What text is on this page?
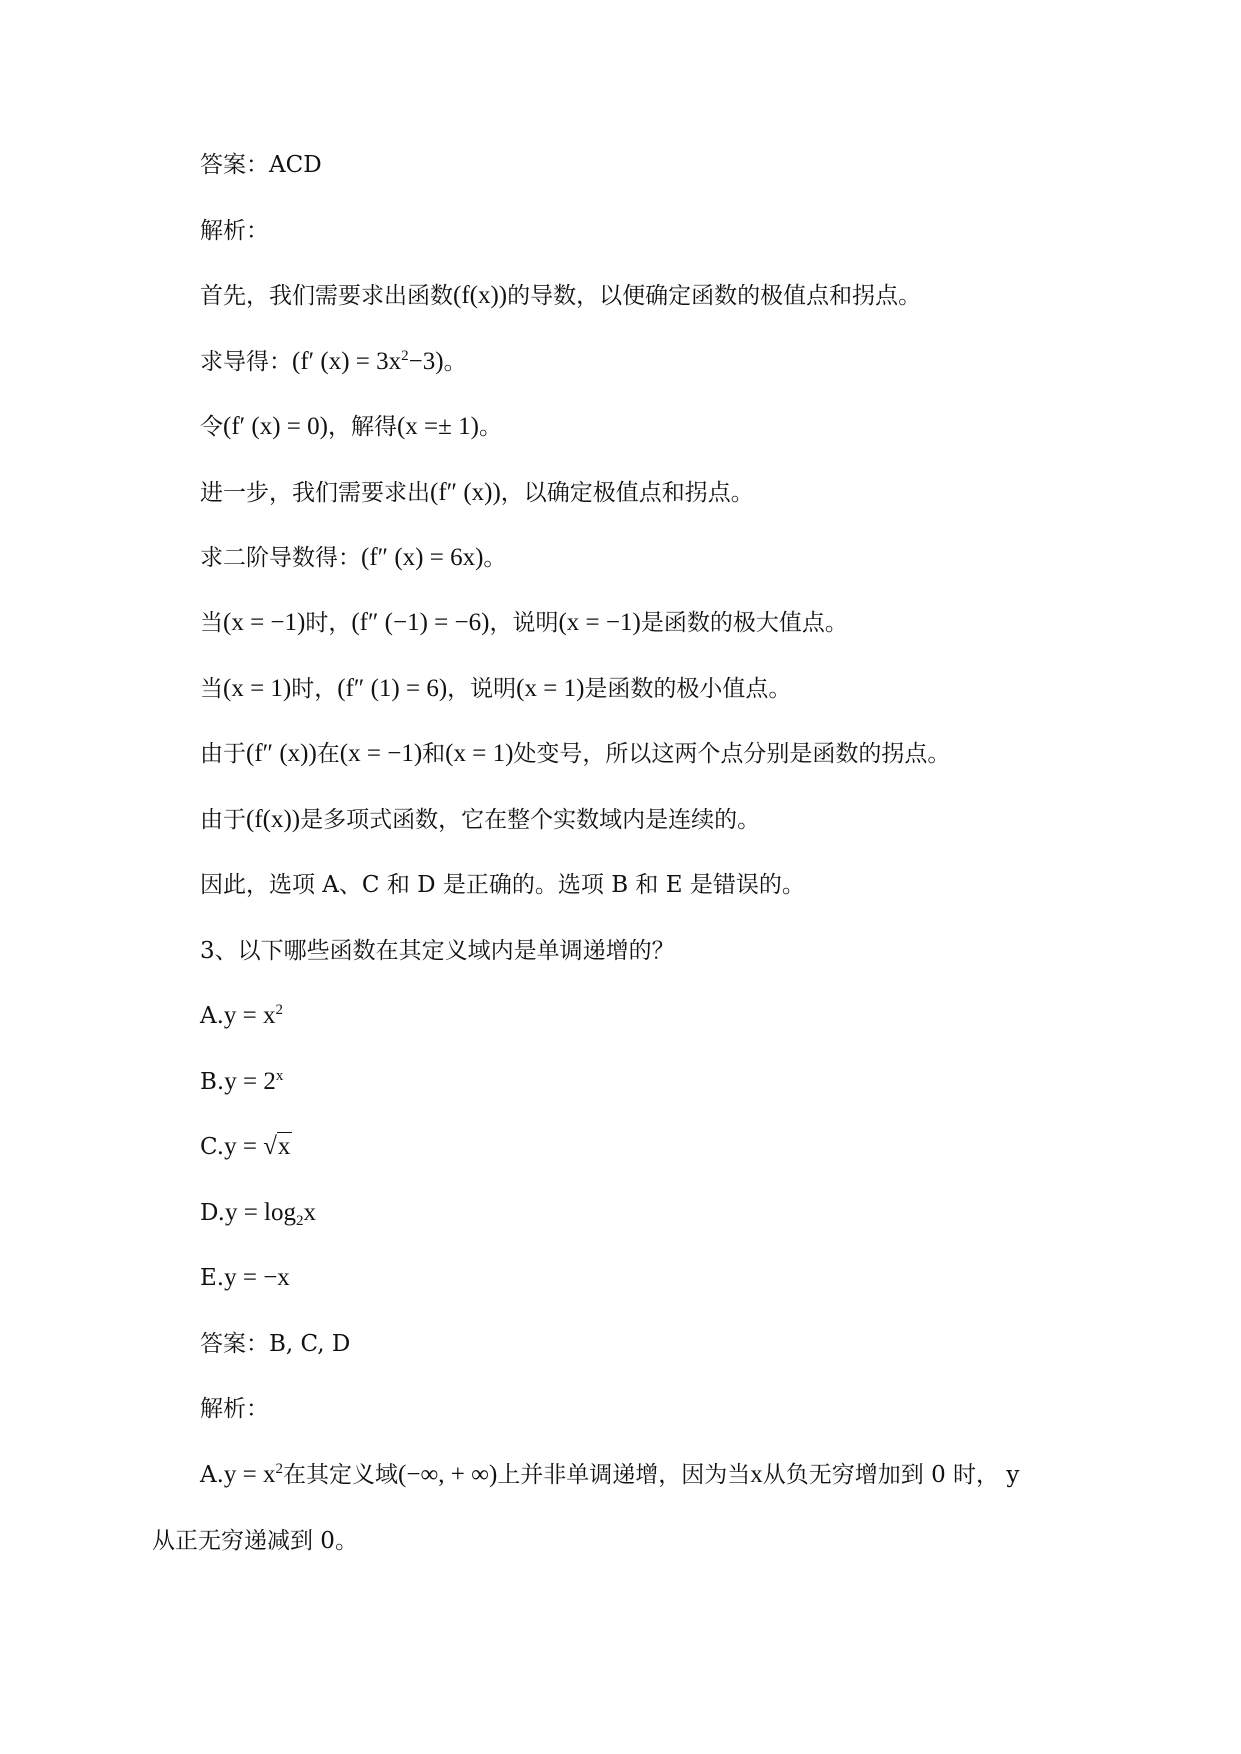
答案：ACD
解析：
首先，我们需要求出函数(f(x))的导数，以便确定函数的极值点和拐点。
求导得：(f′ $(x) = 3x^2-3$)。
令(f′ (x) = 0)，解得(x =± 1)。
进一步，我们需要求出(f″ (x))，以确定极值点和拐点。
求二阶导数得：(f″ (x) = 6x)。
当(x = −1)时，(f″ (−1) = −6)，说明(x = −1)是函数的极大值点。
当(x = 1)时，(f″ (1) = 6)，说明(x = 1)是函数的极小值点。
由于(f″ (x))在(x = −1)和(x = 1)处变号，所以这两个点分别是函数的拐点。
由于(f(x))是多项式函数，它在整个实数域内是连续的。
因此，选项 A、C 和 D 是正确的。选项 B 和 E 是错误的。
3、以下哪些函数在其定义域内是单调递增的？
$A.y = x^2$
$B.y = 2^x$
C.y = √x
$D.y = \log_2x$
E.y = −x
答案：B, C, D
解析：
$A.y = x^2$在其定义域(−∞, + ∞)上并非单调递增，因为当x从负无穷增加到 0 时， y
从正无穷递减到 0。
